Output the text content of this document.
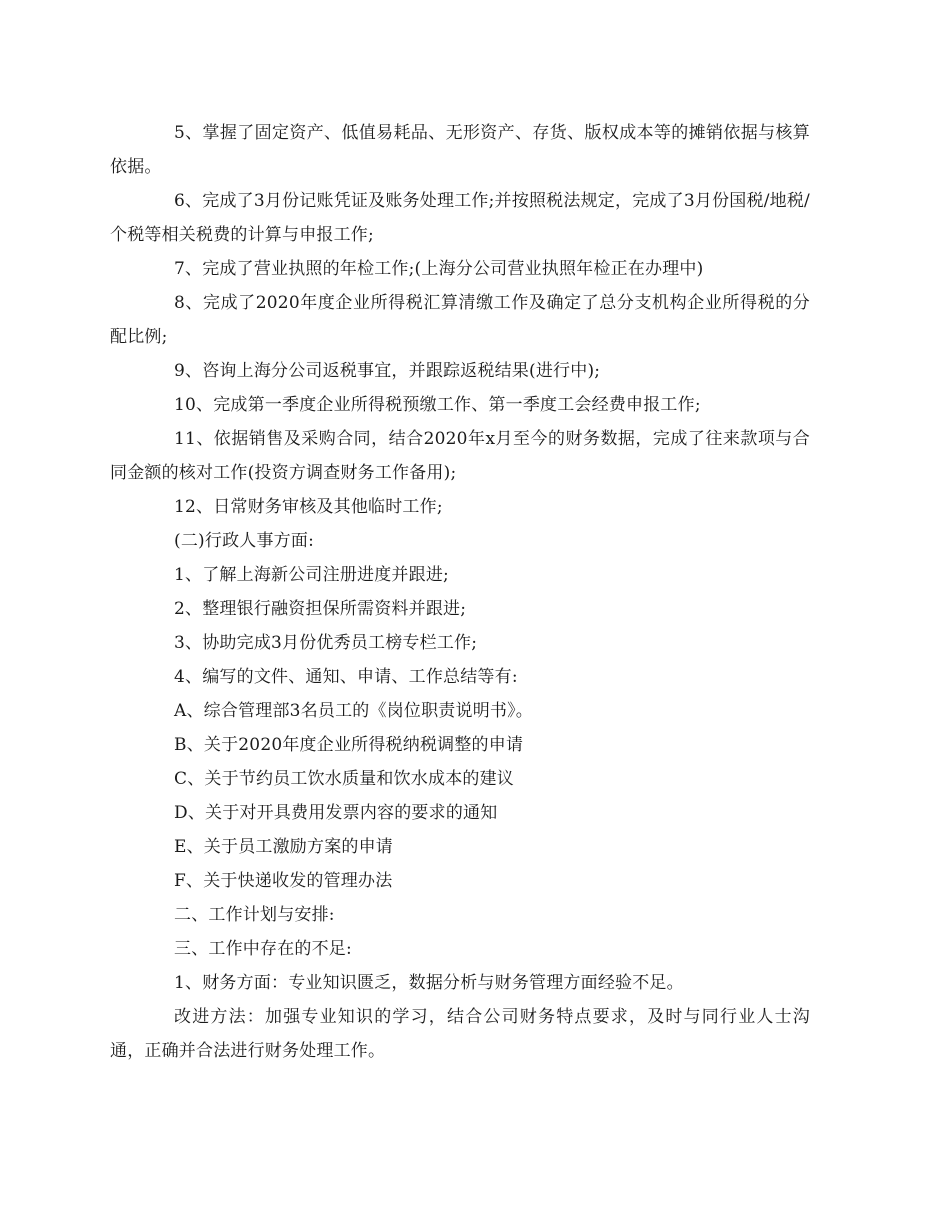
5、掌握了固定资产、低值易耗品、无形资产、存货、版权成本等的摊销依据与核算依据。

6、完成了3月份记账凭证及账务处理工作;并按照税法规定，完成了3月份国税/地税/个税等相关税费的计算与申报工作;

7、完成了营业执照的年检工作;(上海分公司营业执照年检正在办理中)

8、完成了2020年度企业所得税汇算清缴工作及确定了总分支机构企业所得税的分配比例;

9、咨询上海分公司返税事宜，并跟踪返税结果(进行中);

10、完成第一季度企业所得税预缴工作、第一季度工会经费申报工作;

11、依据销售及采购合同，结合2020年x月至今的财务数据，完成了往来款项与合同金额的核对工作(投资方调查财务工作备用);

12、日常财务审核及其他临时工作;

(二)行政人事方面:

1、了解上海新公司注册进度并跟进;

2、整理银行融资担保所需资料并跟进;

3、协助完成3月份优秀员工榜专栏工作;

4、编写的文件、通知、申请、工作总结等有:

A、综合管理部3名员工的《岗位职责说明书》。

B、关于2020年度企业所得税纳税调整的申请

C、关于节约员工饮水质量和饮水成本的建议

D、关于对开具费用发票内容的要求的通知

E、关于员工激励方案的申请

F、关于快递收发的管理办法

二、工作计划与安排:

三、工作中存在的不足:

1、财务方面：专业知识匮乏，数据分析与财务管理方面经验不足。

改进方法：加强专业知识的学习，结合公司财务特点要求，及时与同行业人士沟通，正确并合法进行财务处理工作。
